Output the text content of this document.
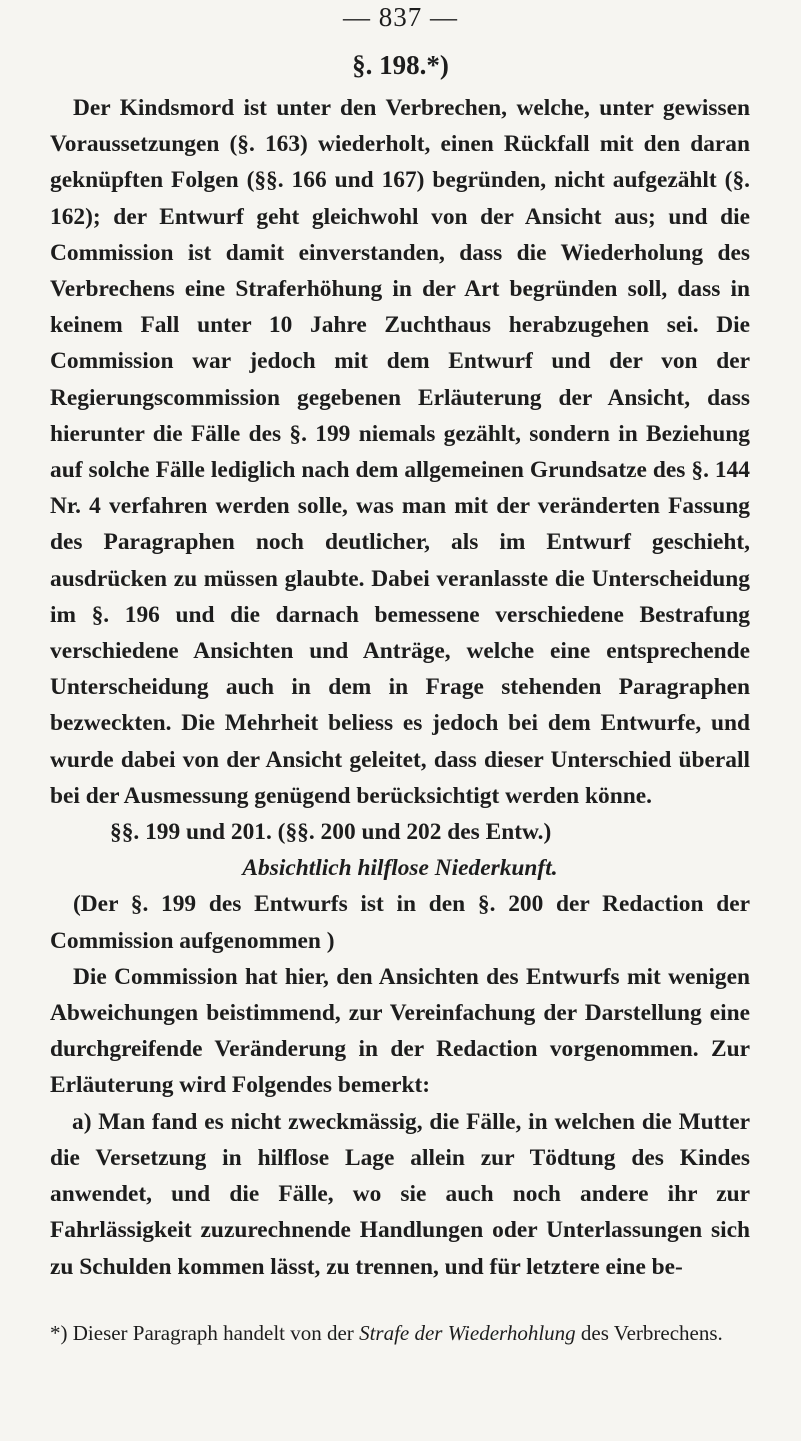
— 837 —
§. 198.*)

Der Kindsmord ist unter den Verbrechen, welche, unter gewissen Voraussetzungen (§. 163) wiederholt, einen Rückfall mit den daran geknüpften Folgen (§§. 166 und 167) begründen, nicht aufgezählt (§. 162); der Entwurf geht gleichwohl von der Ansicht aus; und die Commission ist damit einverstanden, dass die Wiederholung des Verbrechens eine Straferhöhung in der Art begründen soll, dass in keinem Fall unter 10 Jahre Zuchthaus herabzugehen sei. Die Commission war jedoch mit dem Entwurf und der von der Regierungscommission gegebenen Erläuterung der Ansicht, dass hierunter die Fälle des §. 199 niemals gezählt, sondern in Beziehung auf solche Fälle lediglich nach dem allgemeinen Grundsatze des §. 144 Nr. 4 verfahren werden solle, was man mit der veränderten Fassung des Paragraphen noch deutlicher, als im Entwurf geschieht, ausdrücken zu müssen glaubte. Dabei veranlasste die Unterscheidung im §. 196 und die darnach bemessene verschiedene Bestrafung verschiedene Ansichten und Anträge, welche eine entsprechende Unterscheidung auch in dem in Frage stehenden Paragraphen bezweckten. Die Mehrheit beliess es jedoch bei dem Entwurfe, und wurde dabei von der Ansicht geleitet, dass dieser Unterschied überall bei der Ausmessung genügend berücksichtigt werden könne.

§§. 199 und 201. (§§. 200 und 202 des Entw.)

Absichtlich hilflose Niederkunft.

(Der §. 199 des Entwurfs ist in den §. 200 der Redaction der Commission aufgenommen )

Die Commission hat hier, den Ansichten des Entwurfs mit wenigen Abweichungen beistimmend, zur Vereinfachung der Darstellung eine durchgreifende Veränderung in der Redaction vorgenommen. Zur Erläuterung wird Folgendes bemerkt:

a) Man fand es nicht zweckmässig, die Fälle, in welchen die Mutter die Versetzung in hilflose Lage allein zur Tödtung des Kindes anwendet, und die Fälle, wo sie auch noch andere ihr zur Fahrlässigkeit zuzurechnende Handlungen oder Unterlassungen sich zu Schulden kommen lässt, zu trennen, und für letztere eine be-

*) Dieser Paragraph handelt von der Strafe der Wiederhohlung des Verbrechens.
